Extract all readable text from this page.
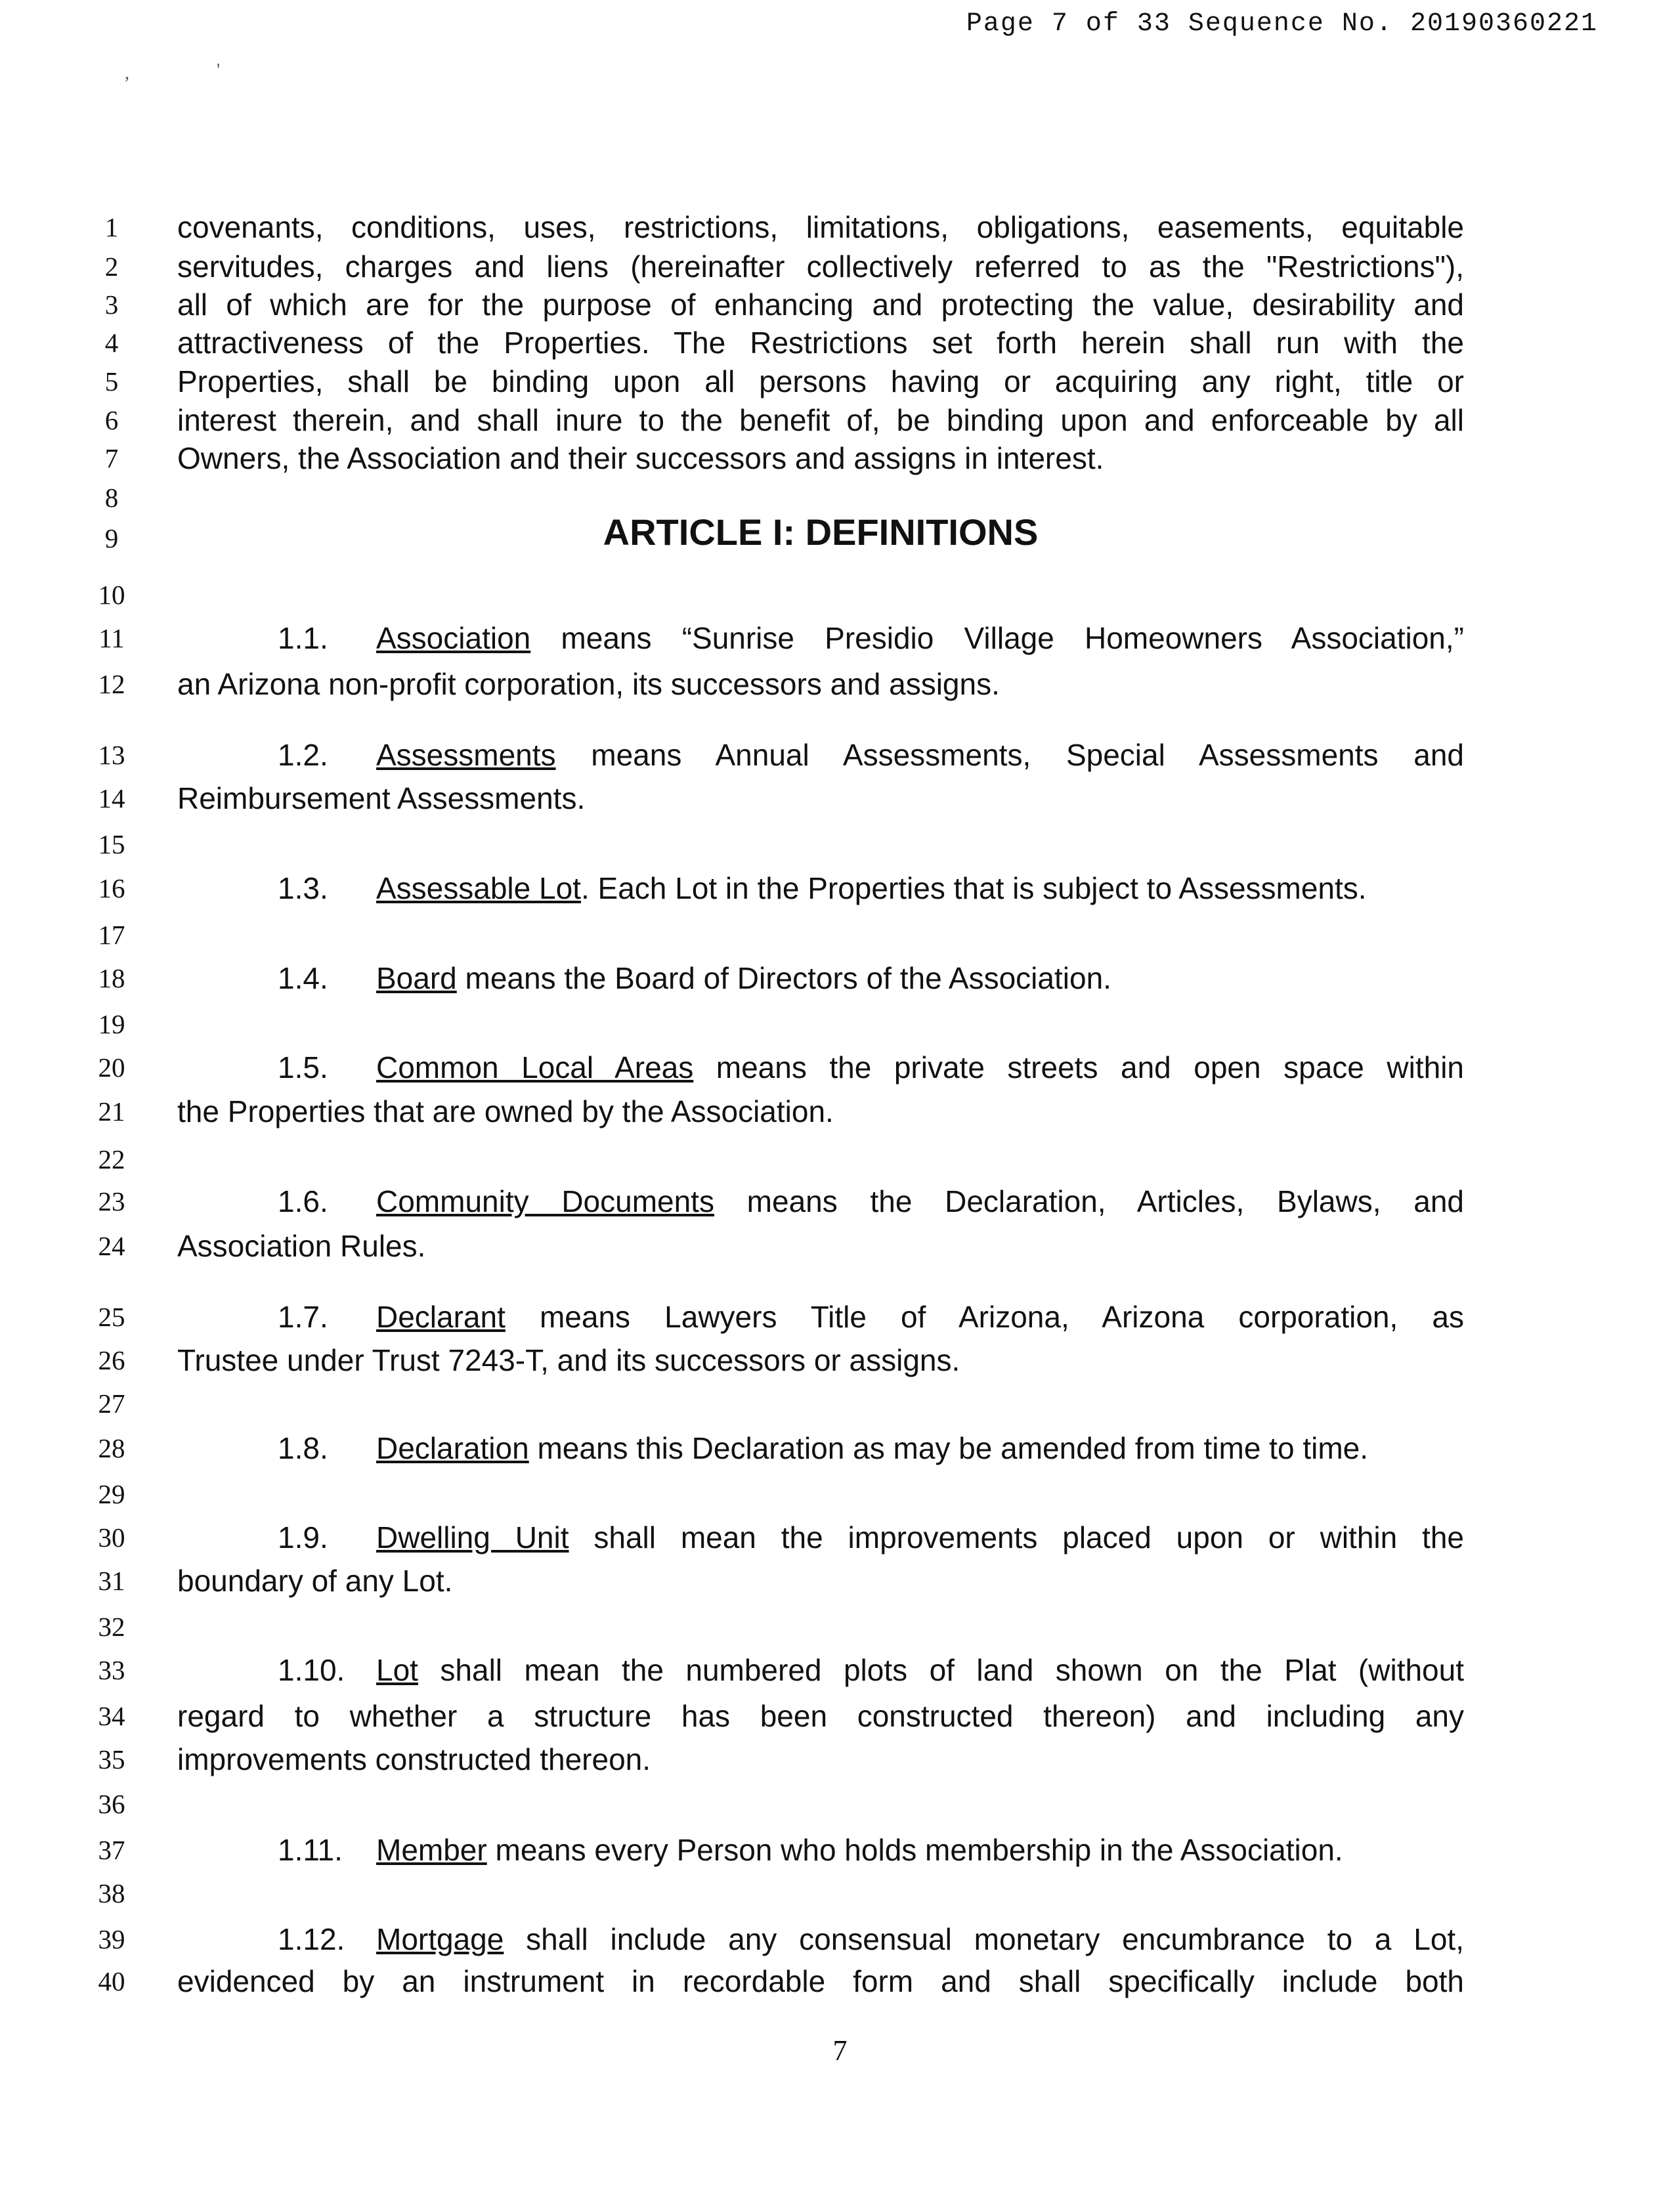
Page 7 of 33 Sequence No. 20190360221
,	'
1
2
3
4
5
6
7
8
9
10
11
12
13
14
15
16
17
18
19
20
21
22
23
24
25
26
27
28
29
30
31
32
33
34
35
36
37
38
39
40
ARTICLE I: DEFINITIONS
covenants, conditions, uses, restrictions, limitations, obligations, easements, equitable
servitudes, charges and liens (hereinafter collectively referred to as the "Restrictions"),
all of which are for the purpose of enhancing and protecting the value, desirability and
attractiveness of the Properties. The Restrictions set forth herein shall run with the
Properties, shall be binding upon all persons having or acquiring any right, title or
interest therein, and shall inure to the benefit of, be binding upon and enforceable by all
Owners, the Association and their successors and assigns in interest.
1.1. Association means “Sunrise Presidio Village Homeowners Association,”
an Arizona non-profit corporation, its successors and assigns.
1.2. Assessments means Annual Assessments, Special Assessments and
Reimbursement Assessments.
1.3. Assessable Lot. Each Lot in the Properties that is subject to Assessments.
1.4. Board means the Board of Directors of the Association.
1.5. Common Local Areas means the private streets and open space within
the Properties that are owned by the Association.
1.6. Community Documents means the Declaration, Articles, Bylaws, and
Association Rules.
1.7. Declarant means Lawyers Title of Arizona, Arizona corporation, as
Trustee under Trust 7243-T, and its successors or assigns.
1.8. Declaration means this Declaration as may be amended from time to time.
1.9. Dwelling Unit shall mean the improvements placed upon or within the
boundary of any Lot.
1.10. Lot shall mean the numbered plots of land shown on the Plat (without
regard to whether a structure has been constructed thereon) and including any
improvements constructed thereon.
1.11. Member means every Person who holds membership in the Association.
1.12. Mortgage shall include any consensual monetary encumbrance to a Lot,
evidenced by an instrument in recordable form and shall specifically include both
7
